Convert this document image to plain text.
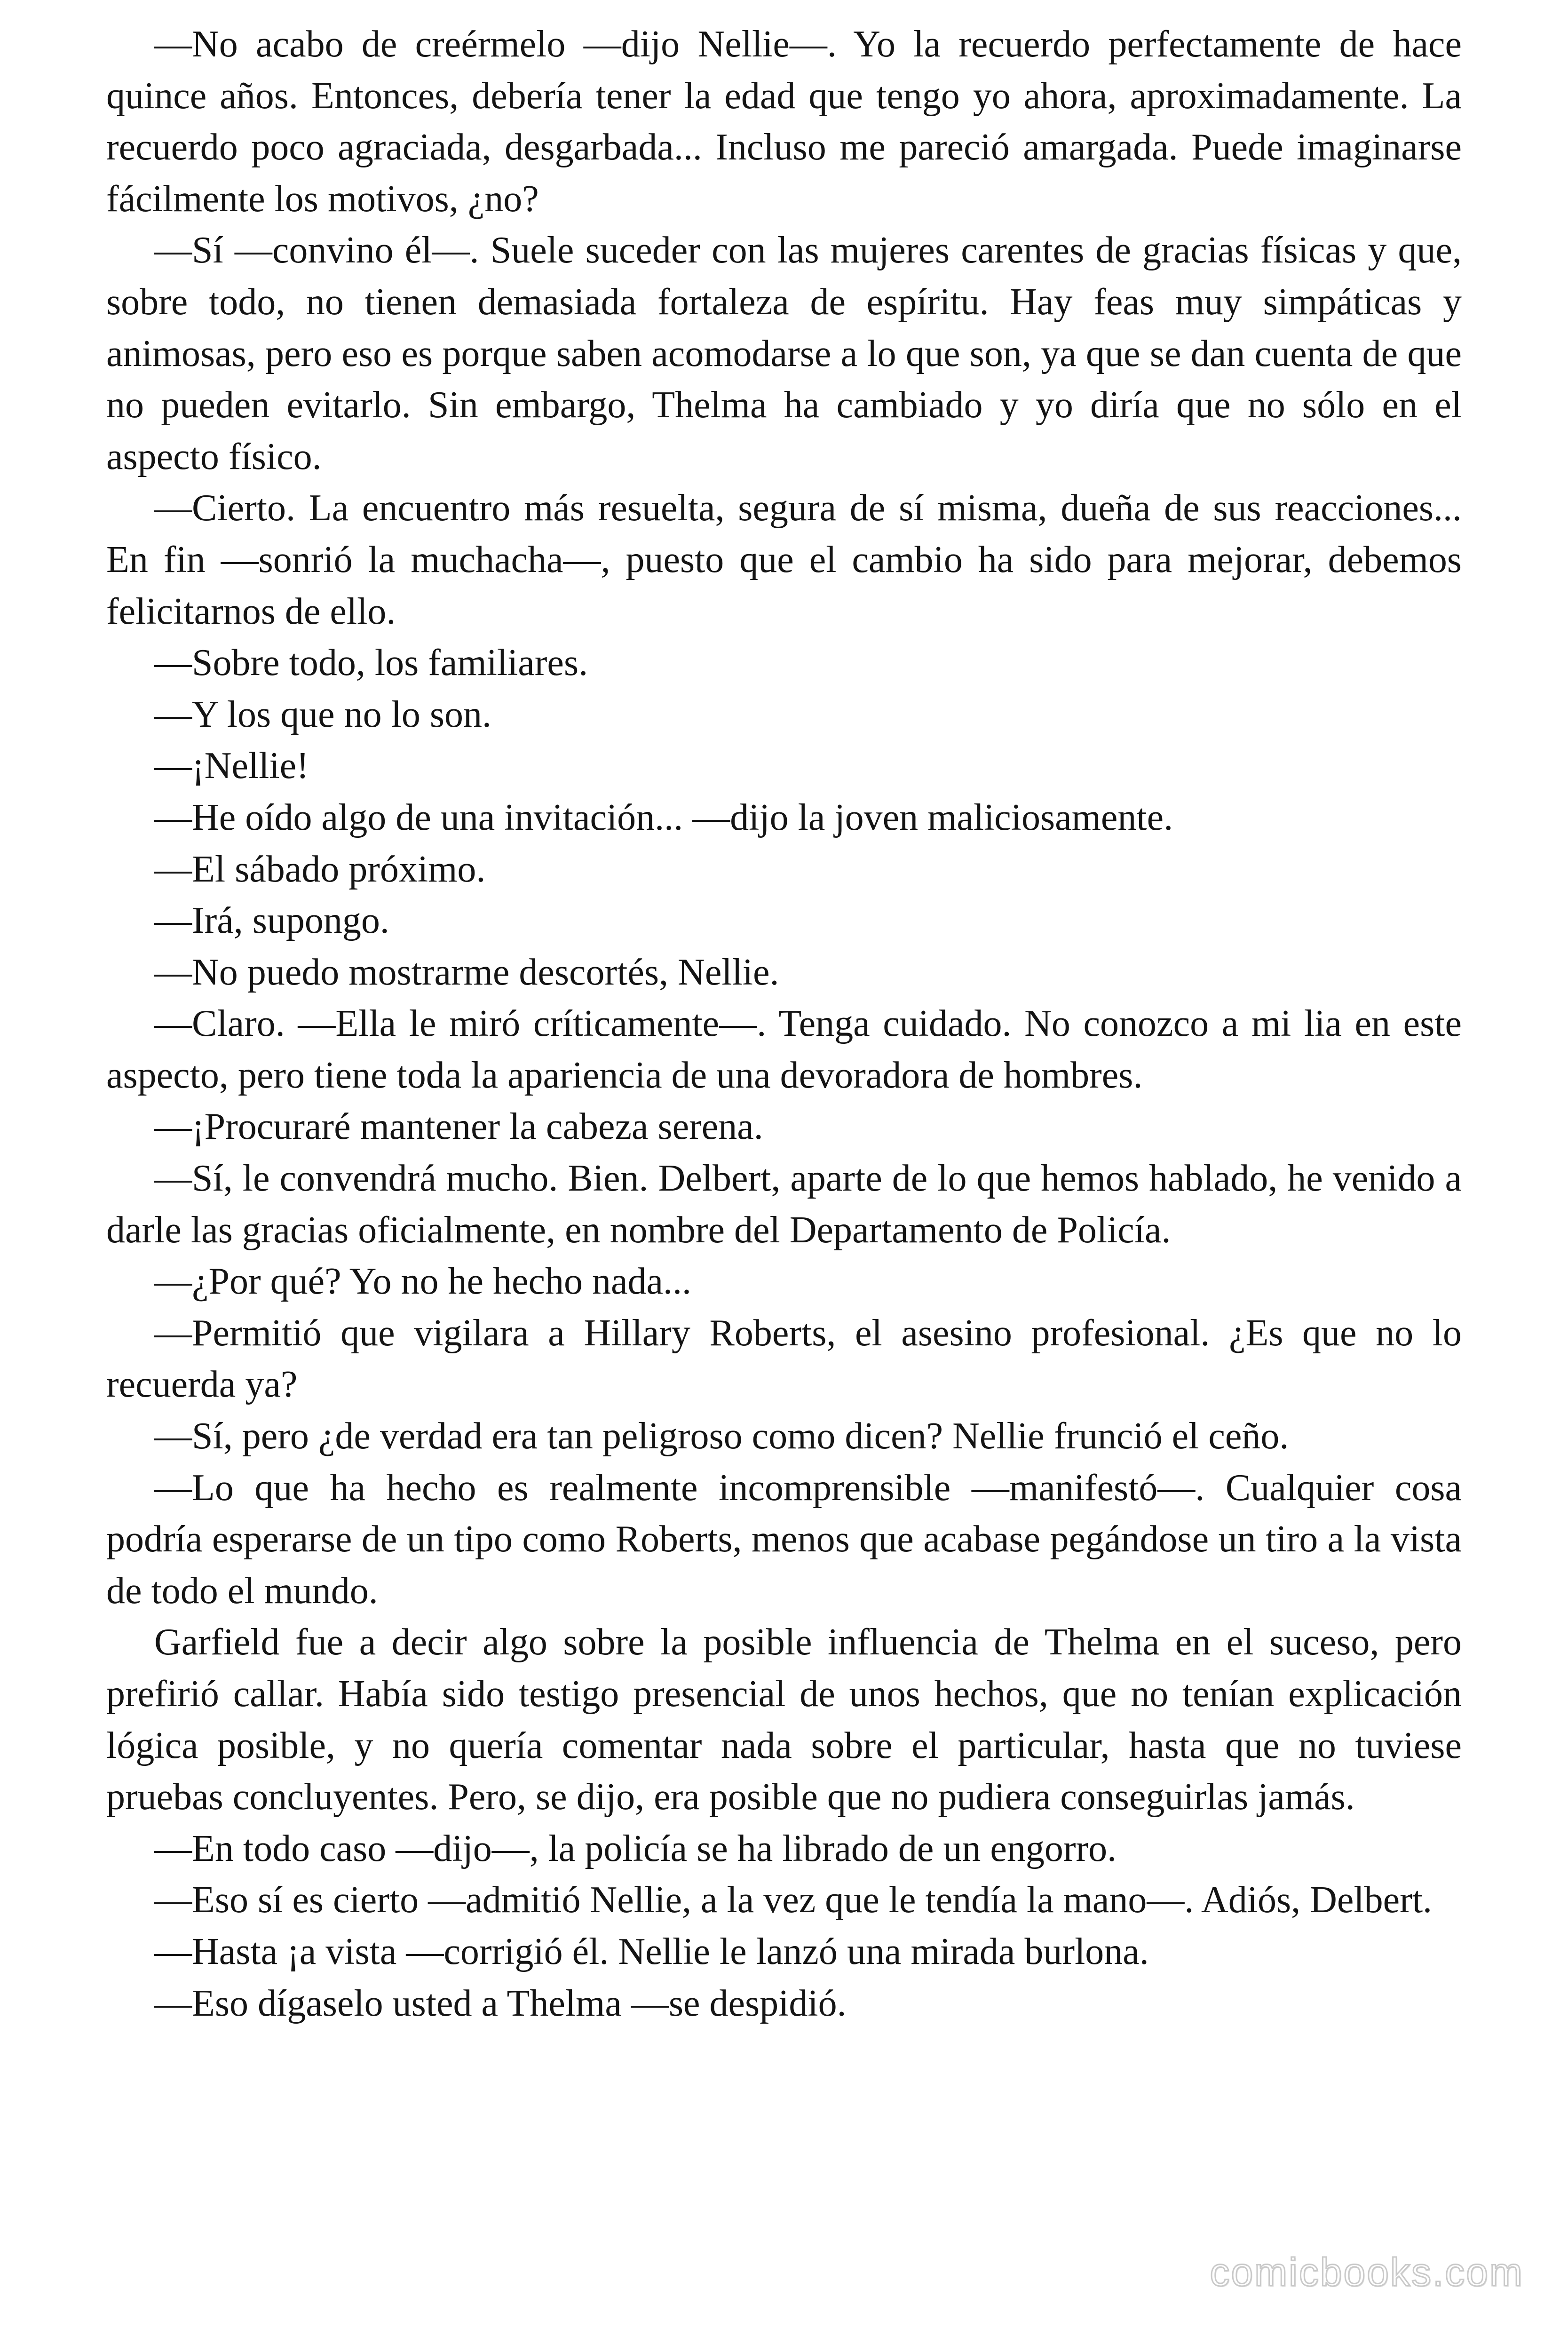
—No acabo de creérmelo —dijo Nellie—. Yo la recuerdo perfectamente de hace quince años. Entonces, debería tener la edad que tengo yo ahora, aproximadamente. La recuerdo poco agraciada, desgarbada... Incluso me pareció amargada. Puede imaginarse fácilmente los motivos, ¿no?

—Sí —convino él—. Suele suceder con las mujeres carentes de gracias físicas y que, sobre todo, no tienen demasiada fortaleza de espíritu. Hay feas muy simpáticas y animosas, pero eso es porque saben acomodarse a lo que son, ya que se dan cuenta de que no pueden evitarlo. Sin embargo, Thelma ha cambiado y yo diría que no sólo en el aspecto físico.

—Cierto. La encuentro más resuelta, segura de sí misma, dueña de sus reacciones... En fin —sonrió la muchacha—, puesto que el cambio ha sido para mejorar, debemos felicitarnos de ello.

—Sobre todo, los familiares.

—Y los que no lo son.

—¡Nellie!

—He oído algo de una invitación... —dijo la joven maliciosamente.

—El sábado próximo.

—Irá, supongo.

—No puedo mostrarme descortés, Nellie.

—Claro. —Ella le miró críticamente—. Tenga cuidado. No conozco a mi lia en este aspecto, pero tiene toda la apariencia de una devoradora de hombres.

—¡Procuraré mantener la cabeza serena.

—Sí, le convendrá mucho. Bien. Delbert, aparte de lo que hemos hablado, he venido a darle las gracias oficialmente, en nombre del Departamento de Policía.

—¿Por qué? Yo no he hecho nada...

—Permitió que vigilara a Hillary Roberts, el asesino profesional. ¿Es que no lo recuerda ya?

—Sí, pero ¿de verdad era tan peligroso como dicen? Nellie frunció el ceño.

—Lo que ha hecho es realmente incomprensible —manifestó—. Cualquier cosa podría esperarse de un tipo como Roberts, menos que acabase pegándose un tiro a la vista de todo el mundo.

Garfield fue a decir algo sobre la posible influencia de Thelma en el suceso, pero prefirió callar. Había sido testigo presencial de unos hechos, que no tenían explicación lógica posible, y no quería comentar nada sobre el particular, hasta que no tuviese pruebas concluyentes. Pero, se dijo, era posible que no pudiera conseguirlas jamás.

—En todo caso —dijo—, la policía se ha librado de un engorro.

—Eso sí es cierto —admitió Nellie, a la vez que le tendía la mano—. Adiós, Delbert.

—Hasta ¡a vista —corrigió él. Nellie le lanzó una mirada burlona.

—Eso dígaselo usted a Thelma —se despidió.

comicbooks.com
